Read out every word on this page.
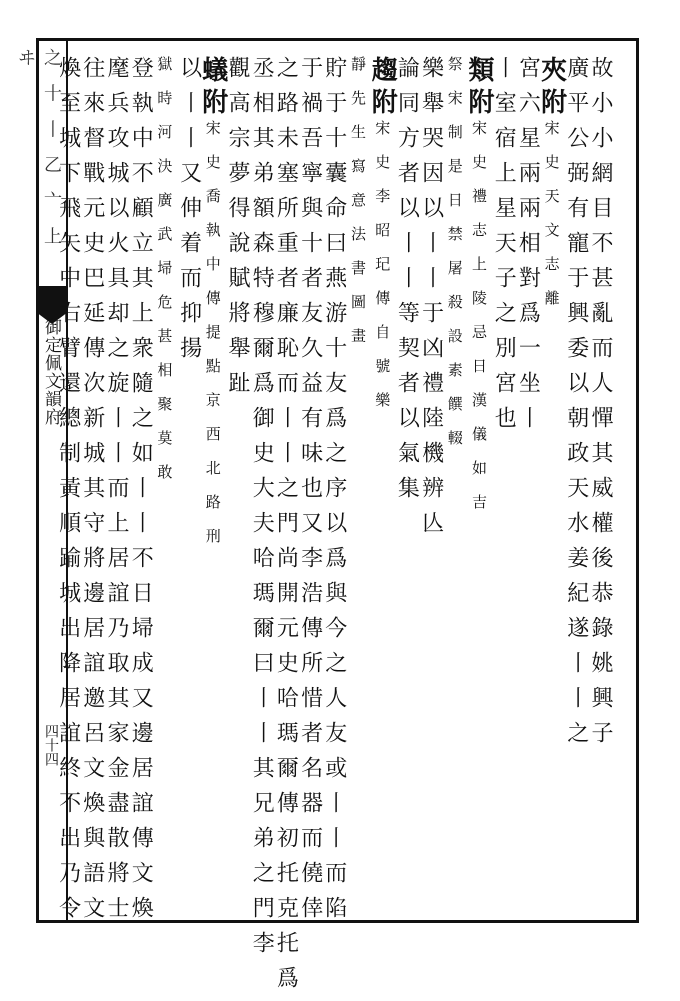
之 十 丨 乙 亠 上 ヰ
御定佩文韻府
四十四	故小小網目不甚亂而人憚其威權後恭錄姚興子
廣平公弼有寵于興委以朝政天水姜紀遂丨丨之
夾附宋史天文志離
宮六星兩兩相對爲一坐丨
丨室宿上星天子之別宮也
類附宋史禮志上陵忌日漢儀如吉
祭宋制是日禁屠殺設素饌輟
樂舉哭因以丨丨于凶禮陸機辨亾
論同方者以丨丨等契者以氣集
趨附宋史李昭玘傳自號樂
靜先生寫意法書圖畫
貯于十囊命曰燕游十友爲之序以爲與今之人友或丨丨而陷
于禍吾寧與十者友久益有味也又李浩傳所惜者名器而僥倖
之路未塞所重者廉恥而丨丨之門尚開元史哈瑪爾傳初托克托爲
丞相其弟額森特穆爾爲御史大夫哈瑪爾曰丨丨其兄弟之門李
觀高宗夢得說賦將舉趾
蟻附宋史喬執中傳提點京西北路刑
以丨丨又伸着而抑揚
獄時河決廣武埽危甚相聚莫敢
登執中不顧立其上衆隨之如丨丨不日埽成又邊居誼傳文煥
麾兵攻城以火具却之旋丨丨而上居誼乃取其家金盡散將士
往來督戰元史巴延傳次新城其守將邊居誼邀呂文煥與語文
煥至城下飛矢中右臂還總制黃順踰城出降居誼終不出乃令
